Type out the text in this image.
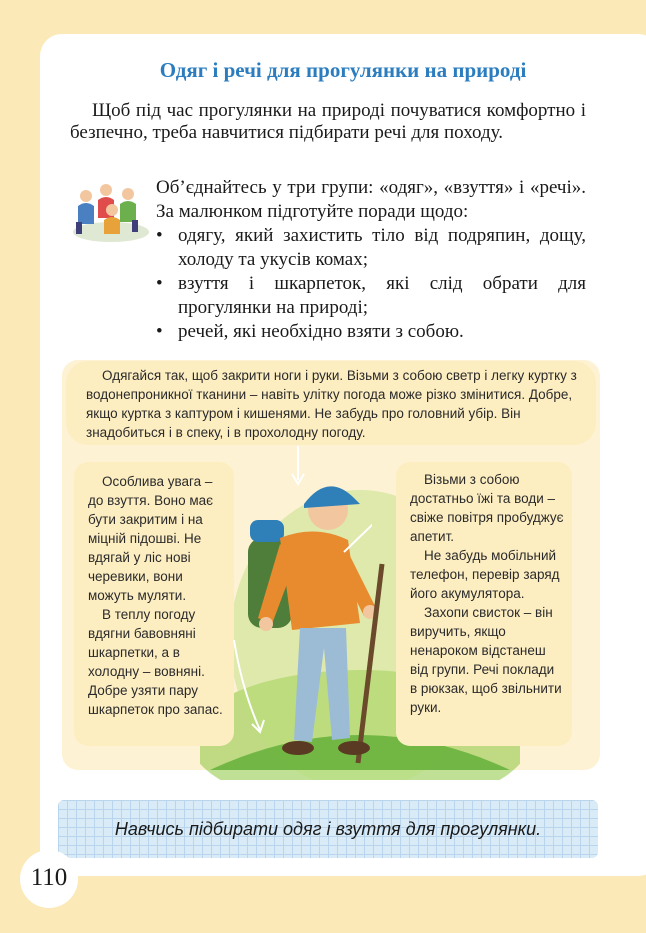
Одяг і речі для прогулянки на природі

Щоб під час прогулянки на природі почуватися комфортно і безпечно, треба навчитися підбирати речі для походу.

Об’єднайтесь у три групи: «одяг», «взуття» і «речі». За малюнком підготуйте поради щодо:

• одягу, який захистить тіло від подряпин, дощу, холоду та укусів комах;
• взуття і шкарпеток, які слід обрати для прогулянки на природі;
• речей, які необхідно взяти з собою.
Одягайся так, щоб закрити ноги і руки. Візьми з собою светр і легку куртку з водонепроникної тканини – навіть улітку погода може різко змінитися. Добре, якщо куртка з каптуром і кишенями. Не забудь про головний убір. Він знадобиться і в спеку, і в прохолодну погоду.

Особлива увага – до взуття. Воно має бути закритим і на міцній підошві. Не вдягай у ліс нові черевики, вони можуть муляти.

В теплу погоду вдягни бавовняні шкарпетки, а в холодну – вовняні. Добре узяти пару шкарпеток про запас.

Візьми з собою достатньо їжі та води – свіже повітря пробуджує апетит.

Не забудь мобільний телефон, перевір заряд його акумулятора.

Захопи свисток – він виручить, якщо ненароком відстанеш від групи. Речі поклади в рюкзак, щоб звільнити руки.

Навчись підбирати одяг і взуття для прогулянки.
110
